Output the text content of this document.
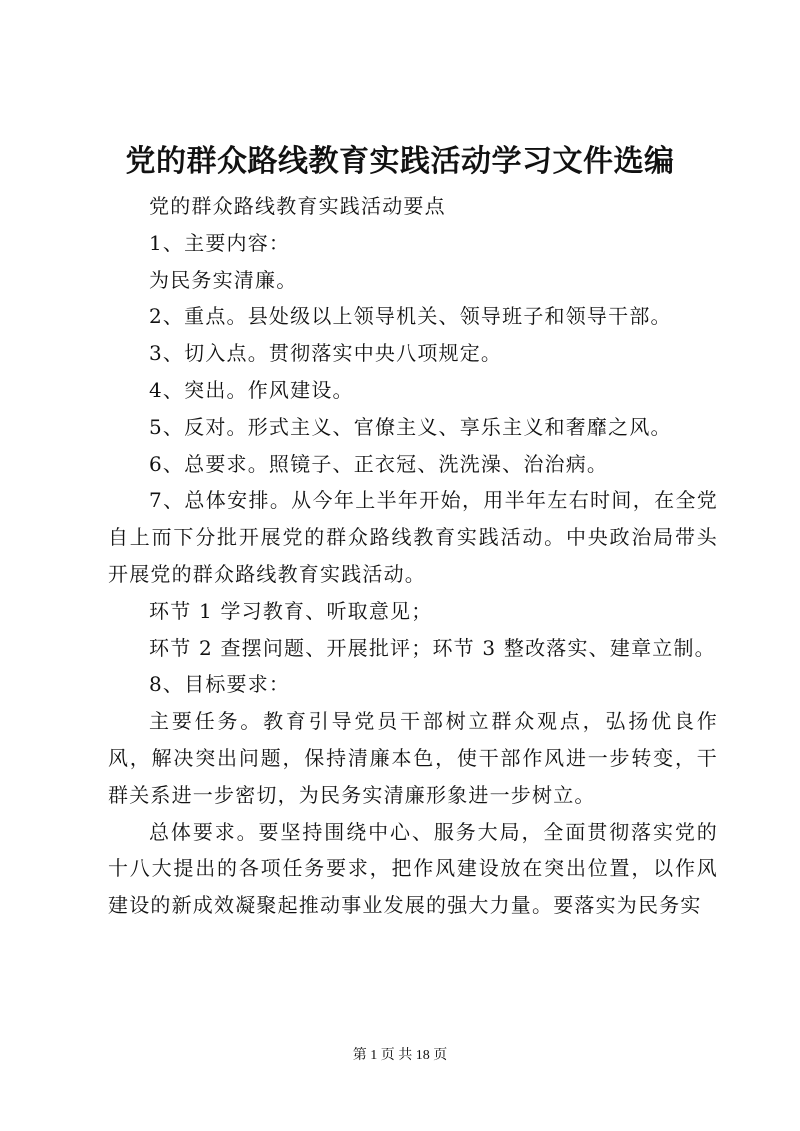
党的群众路线教育实践活动学习文件选编

党的群众路线教育实践活动要点

1、主要内容：

为民务实清廉。

2、重点。县处级以上领导机关、领导班子和领导干部。

3、切入点。贯彻落实中央八项规定。

4、突出。作风建设。

5、反对。形式主义、官僚主义、享乐主义和奢靡之风。

6、总要求。照镜子、正衣冠、洗洗澡、治治病。

7、总体安排。从今年上半年开始，用半年左右时间，在全党自上而下分批开展党的群众路线教育实践活动。中央政治局带头开展党的群众路线教育实践活动。

环节 1 学习教育、听取意见；

环节 2 查摆问题、开展批评；环节 3 整改落实、建章立制。

8、目标要求：

主要任务。教育引导党员干部树立群众观点，弘扬优良作风，解决突出问题，保持清廉本色，使干部作风进一步转变，干群关系进一步密切，为民务实清廉形象进一步树立。

总体要求。要坚持围绕中心、服务大局，全面贯彻落实党的十八大提出的各项任务要求，把作风建设放在突出位置，以作风建设的新成效凝聚起推动事业发展的强大力量。要落实为民务实

第 1 页 共 18 页
